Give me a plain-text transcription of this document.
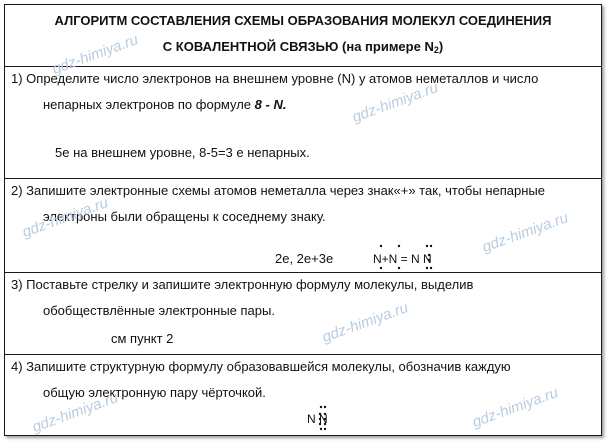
АЛГОРИТМ СОСТАВЛЕНИЯ СХЕМЫ ОБРАЗОВАНИЯ МОЛЕКУЛ СОЕДИНЕНИЯ
С КОВАЛЕНТНОЙ СВЯЗЬЮ (на примере $N_2$)
1) Определите число электронов на внешнем уровне (N) у атомов неметаллов и число
непарных электронов по формуле 8 - N.
5е на внешнем уровне, 8-5=3 е непарных.
2) Запишите электронные схемы атомов неметалла через знак«+» так, чтобы непарные
электроны были обращены к соседнему знаку.
2е, 2е+3е	N+N = N N
3) Поставьте стрелку и запишите электронную формулу молекулы, выделив
обобществлённые электронные пары.
см пункт 2
4) Запишите структурную формулу образовавшейся молекулы, обозначив каждую
общую электронную пару чёрточкой.
N N
gdz-himiya.ru
gdz-himiya.ru
gdz-himiya.ru	gdz-himiya.ru
gdz-himiya.ru
gdz-himiya.ru	gdz-himiya.ru
